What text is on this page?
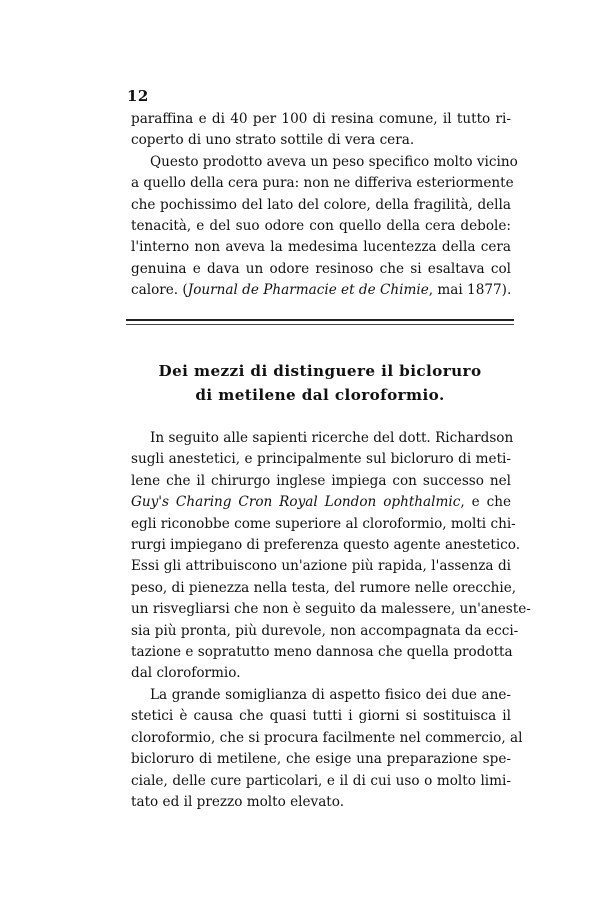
12

paraffina e di 40 per 100 di resina comune, il tutto ri-
coperto di uno strato sottile di vera cera.

Questo prodotto aveva un peso specifico molto vicino
a quello della cera pura: non ne differiva esteriormente
che pochissimo del lato del colore, della fragilità, della
tenacità, e del suo odore con quello della cera debole:
l'interno non aveva la medesima lucentezza della cera
genuina e dava un odore resinoso che si esaltava col
calore. (Journal de Pharmacie et de Chimie, mai 1877).

Dei mezzi di distinguere il bicloruro
di metilene dal cloroformio.

In seguito alle sapienti ricerche del dott. Richardson
sugli anestetici, e principalmente sul bicloruro di meti-
lene che il chirurgo inglese impiega con successo nel
Guy's Charing Cron Royal London ophthalmic, e che
egli riconobbe come superiore al cloroformio, molti chi-
rurgi impiegano di preferenza questo agente anestetico.
Essi gli attribuiscono un'azione più rapida, l'assenza di
peso, di pienezza nella testa, del rumore nelle orecchie,
un risvegliarsi che non è seguito da malessere, un'aneste-
sia più pronta, più durevole, non accompagnata da ecci-
tazione e sopratutto meno dannosa che quella prodotta
dal cloroformio.

La grande somiglianza di aspetto fisico dei due ane-
stetici è causa che quasi tutti i giorni si sostituisca il
cloroformio, che si procura facilmente nel commercio, al
bicloruro di metilene, che esige una preparazione spe-
ciale, delle cure particolari, e il di cui uso o molto limi-
tato ed il prezzo molto elevato.
